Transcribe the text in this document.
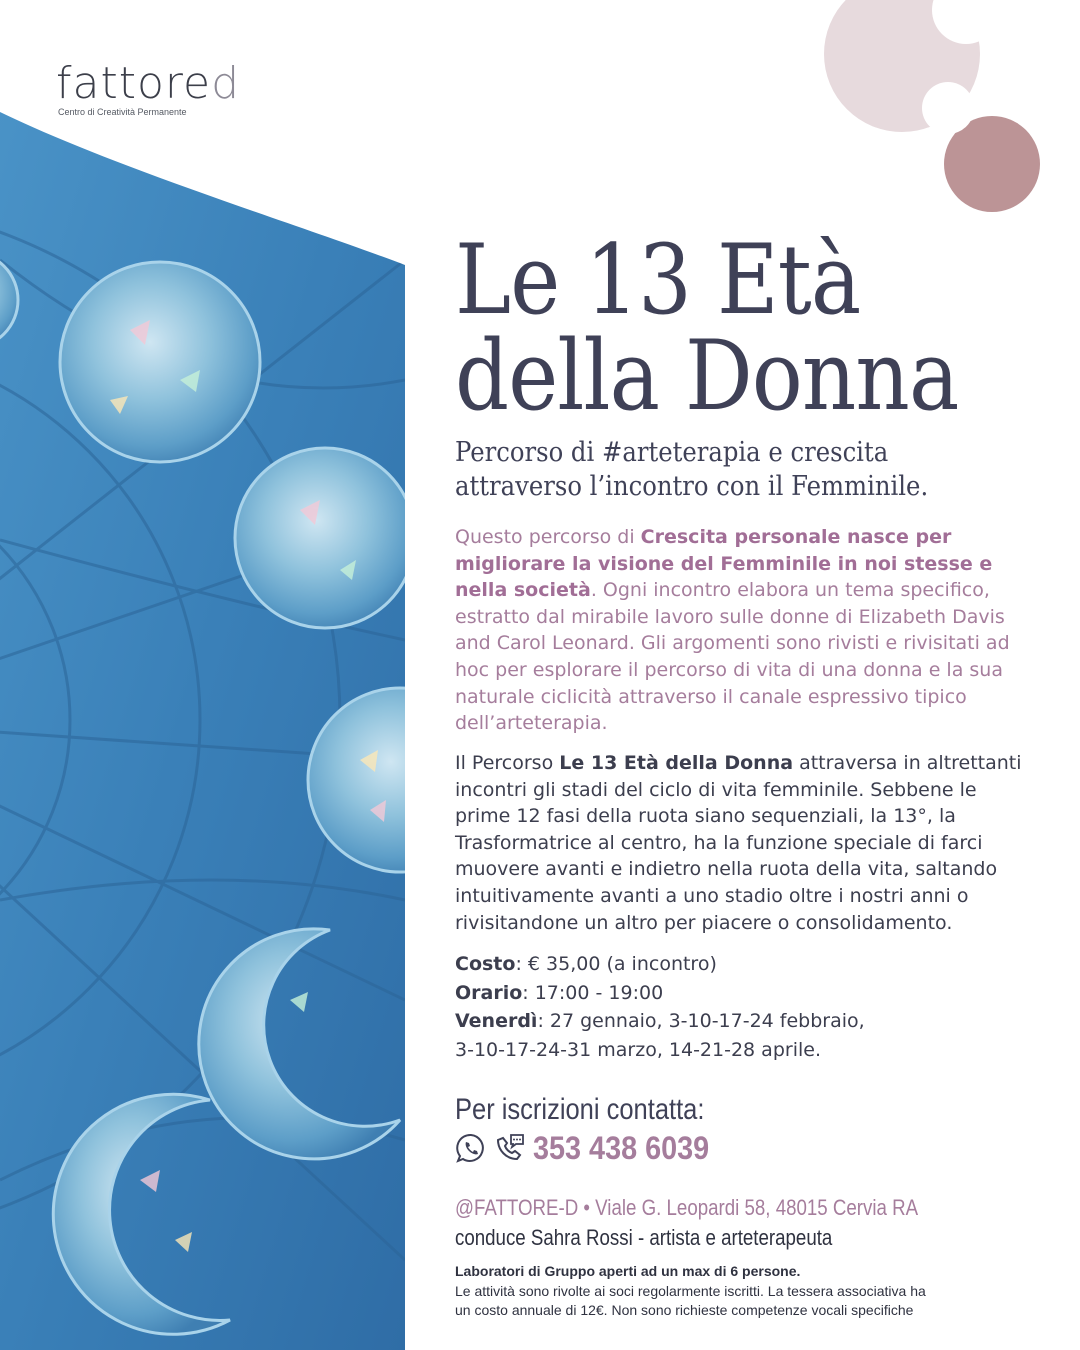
fattored
Centro di Creatività Permanente
Le 13 Età
della Donna
Percorso di #arteterapia e crescita
attraverso l’incontro con il Femminile.

Questo percorso di Crescita personale nasce per migliorare la visione del Femminile in noi stesse e nella società. Ogni incontro elabora un tema specifico, estratto dal mirabile lavoro sulle donne di Elizabeth Davis and Carol Leonard. Gli argomenti sono rivisti e rivisitati ad hoc per esplorare il percorso di vita di una donna e la sua naturale ciclicità attraverso il canale espressivo tipico dell’arteterapia.

Il Percorso Le 13 Età della Donna attraversa in altrettanti incontri gli stadi del ciclo di vita femminile. Sebbene le prime 12 fasi della ruota siano sequenziali, la 13°, la Trasformatrice al centro, ha la funzione speciale di farci muovere avanti e indietro nella ruota della vita, saltando intuitivamente avanti a uno stadio oltre i nostri anni o rivisitandone un altro per piacere o consolidamento.

Costo: € 35,00 (a incontro)
Orario: 17:00 - 19:00
Venerdì: 27 gennaio, 3-10-17-24 febbraio,
3-10-17-24-31 marzo, 14-21-28 aprile.
Per iscrizioni contatta:
353 438 6039
@FATTORE-D • Viale G. Leopardi 58, 48015 Cervia RA
conduce Sahra Rossi - artista e arteterapeuta
Laboratori di Gruppo aperti ad un max di 6 persone.
Le attività sono rivolte ai soci regolarmente iscritti. La tessera associativa ha
un costo annuale di 12€. Non sono richieste competenze vocali specifiche
